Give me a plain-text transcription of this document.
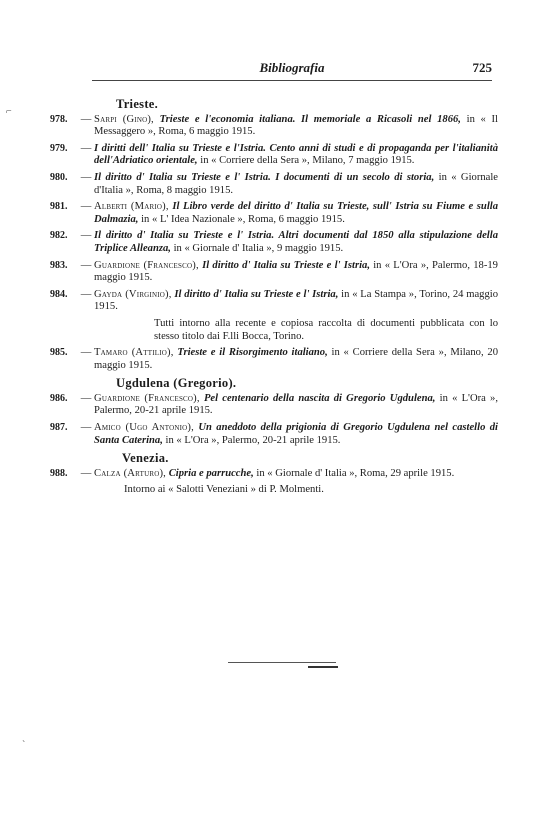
Bibliografia	725
⌐
`
Trieste.
978.	— Sarpi (Gino), Trieste e l'economia italiana. Il memoriale a Ricasoli nel 1866, in « Il Messaggero », Roma, 6 maggio 1915.
979.	— I diritti dell' Italia su Trieste e l'Istria. Cento anni di studi e di propaganda per l'italianità dell'Adriatico orientale, in « Corriere della Sera », Milano, 7 maggio 1915.
980.	— Il diritto d' Italia su Trieste e l' Istria. I documenti di un secolo di storia, in « Giornale d'Italia », Roma, 8 maggio 1915.
981.	— Alberti (Mario), Il Libro verde del diritto d' Italia su Trieste, sull' Istria su Fiume e sulla Dalmazia, in « L' Idea Nazionale », Roma, 6 maggio 1915.
982.	— Il diritto d' Italia su Trieste e l' Istria. Altri documenti dal 1850 alla stipulazione della Triplice Alleanza, in « Giornale d' Italia », 9 maggio 1915.
983.	— Guardione (Francesco), Il diritto d' Italia su Trieste e l' Istria, in « L'Ora », Palermo, 18-19 maggio 1915.
984.	— Gayda (Virginio), Il diritto d' Italia su Trieste e l' Istria, in « La Stampa », Torino, 24 maggio 1915.
Tutti intorno alla recente e copiosa raccolta di documenti pubblicata con lo stesso titolo dai F.lli Bocca, Torino.
985.	— Tamaro (Attilio), Trieste e il Risorgimento italiano, in « Corriere della Sera », Milano, 20 maggio 1915.
Ugdulena (Gregorio).
986.	— Guardione (Francesco), Pel centenario della nascita di Gregorio Ugdulena, in « L'Ora », Palermo, 20-21 aprile 1915.
987.	— Amico (Ugo Antonio), Un aneddoto della prigionia di Gregorio Ugdulena nel castello di Santa Caterina, in « L'Ora », Palermo, 20-21 aprile 1915.
Venezia.
988.	— Calza (Arturo), Cipria e parrucche, in « Giornale d' Italia », Roma, 29 aprile 1915.
Intorno ai « Salotti Veneziani » di P. Molmenti.
